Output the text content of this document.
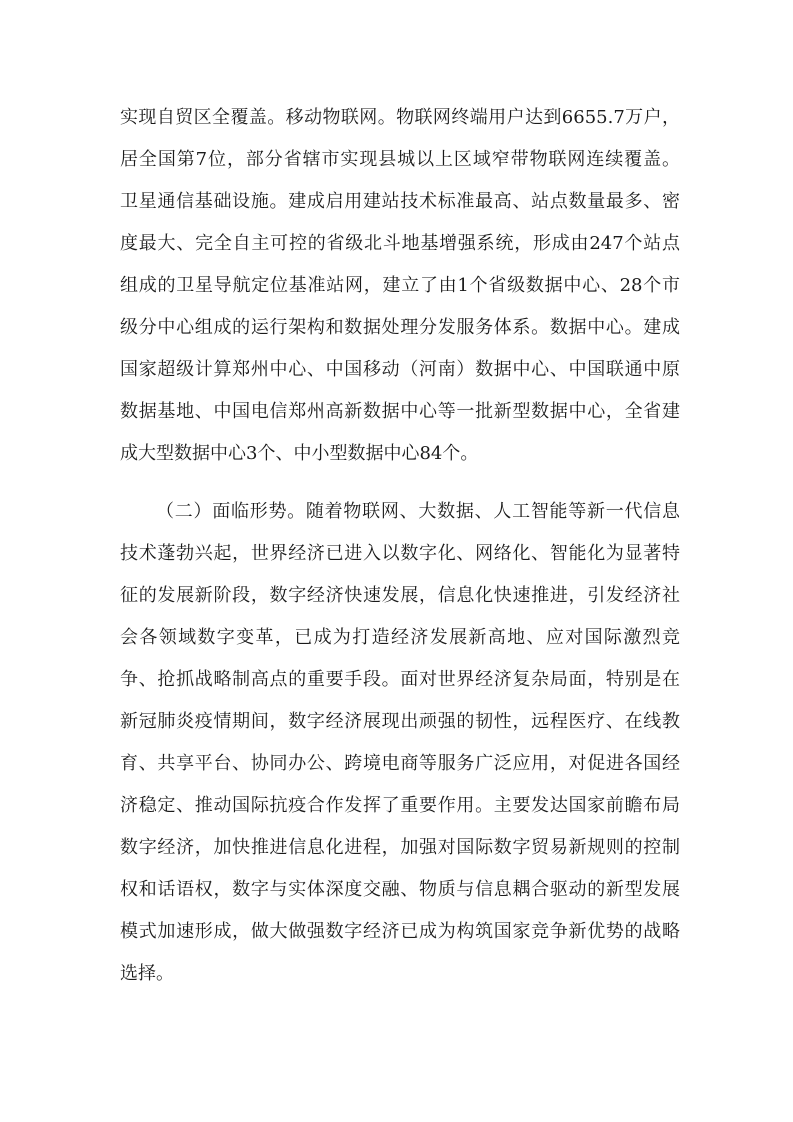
实现自贸区全覆盖。移动物联网。物联网终端用户达到6655.7万户，
居全国第7位，部分省辖市实现县城以上区域窄带物联网连续覆盖。
卫星通信基础设施。建成启用建站技术标准最高、站点数量最多、密
度最大、完全自主可控的省级北斗地基增强系统，形成由247个站点
组成的卫星导航定位基准站网，建立了由1个省级数据中心、28个市
级分中心组成的运行架构和数据处理分发服务体系。数据中心。建成
国家超级计算郑州中心、中国移动（河南）数据中心、中国联通中原
数据基地、中国电信郑州高新数据中心等一批新型数据中心，全省建
成大型数据中心3个、中小型数据中心84个。
（二）面临形势。随着物联网、大数据、人工智能等新一代信息
技术蓬勃兴起，世界经济已进入以数字化、网络化、智能化为显著特
征的发展新阶段，数字经济快速发展，信息化快速推进，引发经济社
会各领域数字变革，已成为打造经济发展新高地、应对国际激烈竞
争、抢抓战略制高点的重要手段。面对世界经济复杂局面，特别是在
新冠肺炎疫情期间，数字经济展现出顽强的韧性，远程医疗、在线教
育、共享平台、协同办公、跨境电商等服务广泛应用，对促进各国经
济稳定、推动国际抗疫合作发挥了重要作用。主要发达国家前瞻布局
数字经济，加快推进信息化进程，加强对国际数字贸易新规则的控制
权和话语权，数字与实体深度交融、物质与信息耦合驱动的新型发展
模式加速形成，做大做强数字经济已成为构筑国家竞争新优势的战略
选择。
